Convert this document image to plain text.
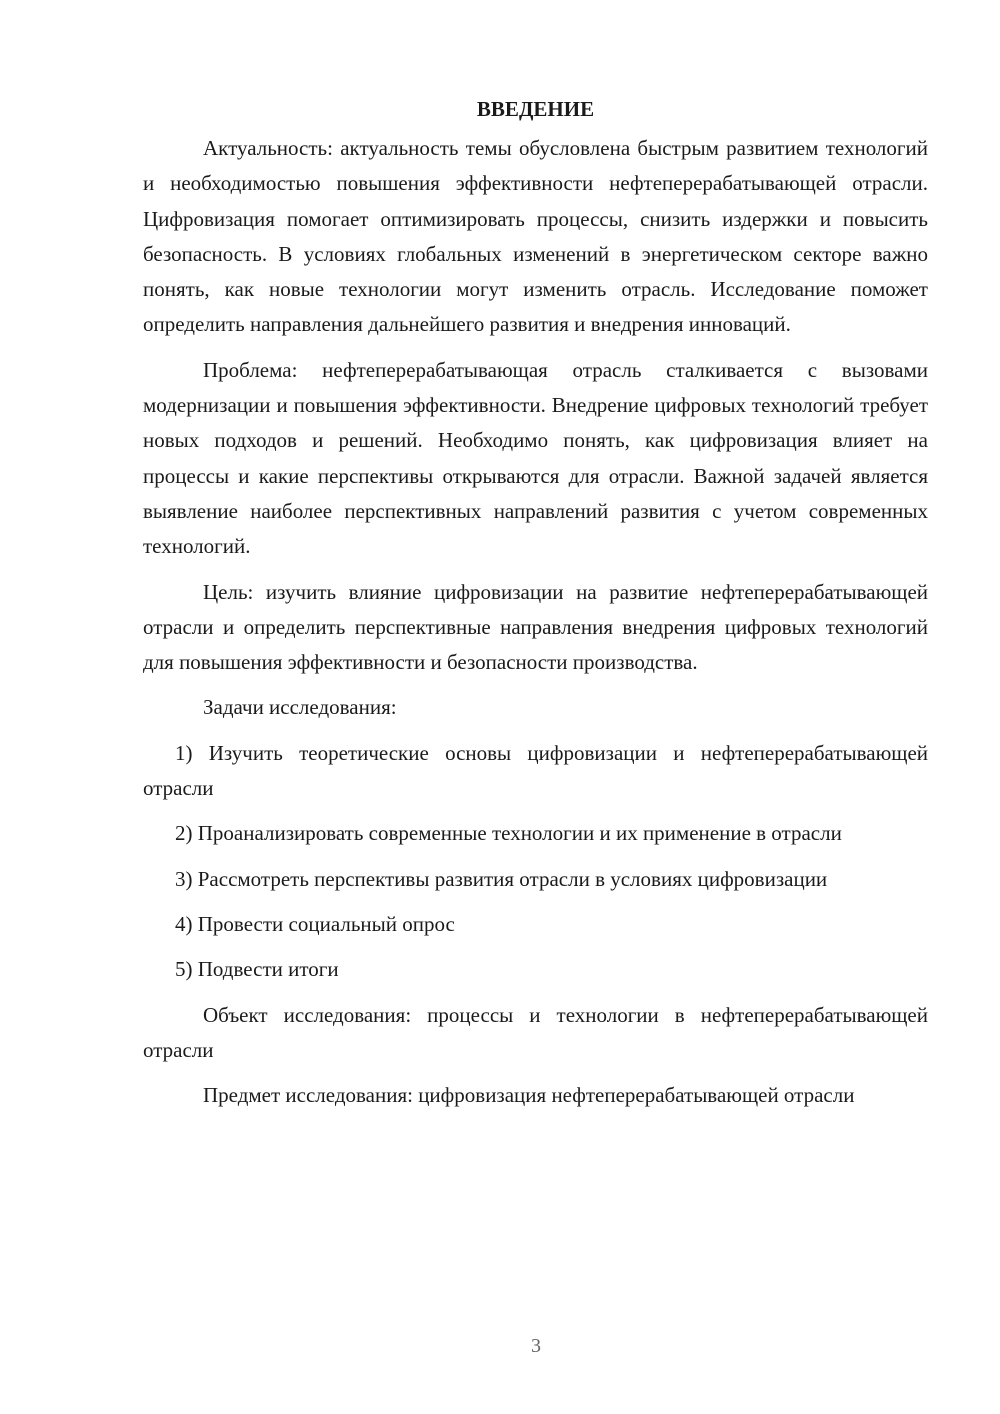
ВВЕДЕНИЕ

Актуальность: актуальность темы обусловлена быстрым развитием технологий и необходимостью повышения эффективности нефтеперерабатывающей отрасли. Цифровизация помогает оптимизировать процессы, снизить издержки и повысить безопасность. В условиях глобальных изменений в энергетическом секторе важно понять, как новые технологии могут изменить отрасль. Исследование поможет определить направления дальнейшего развития и внедрения инноваций.

Проблема: нефтеперерабатывающая отрасль сталкивается с вызовами модернизации и повышения эффективности. Внедрение цифровых технологий требует новых подходов и решений. Необходимо понять, как цифровизация влияет на процессы и какие перспективы открываются для отрасли. Важной задачей является выявление наиболее перспективных направлений развития с учетом современных технологий.

Цель: изучить влияние цифровизации на развитие нефтеперерабатывающей отрасли и определить перспективные направления внедрения цифровых технологий для повышения эффективности и безопасности производства.

Задачи исследования:

1) Изучить теоретические основы цифровизации и нефтеперерабатывающей отрасли

2) Проанализировать современные технологии и их применение в отрасли

3) Рассмотреть перспективы развития отрасли в условиях цифровизации

4) Провести социальный опрос

5) Подвести итоги

Объект исследования: процессы и технологии в нефтеперерабатывающей отрасли

Предмет исследования: цифровизация нефтеперерабатывающей отрасли

3
